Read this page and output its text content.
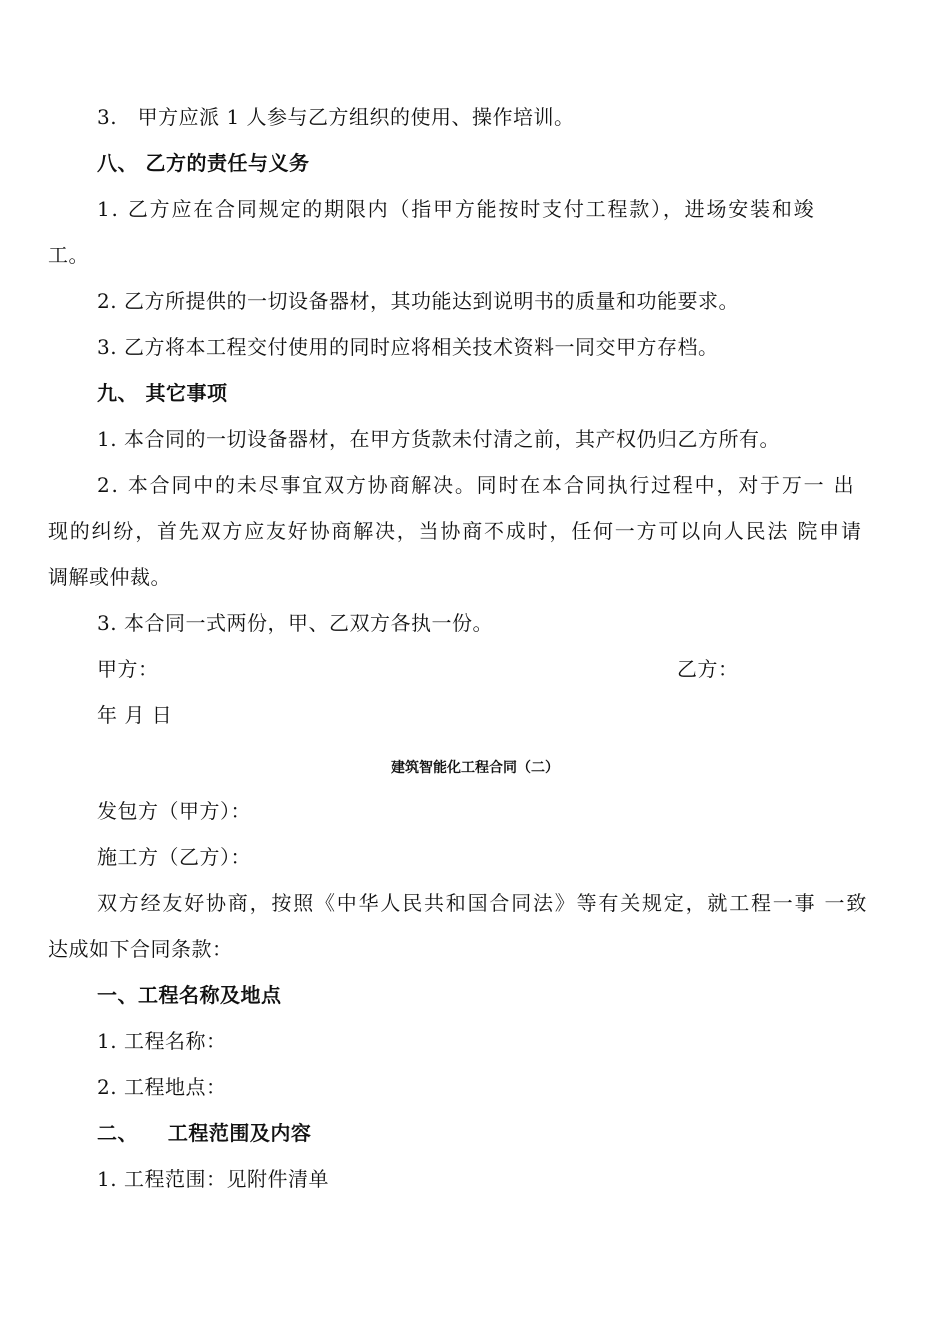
3.　甲方应派 1 人参与乙方组织的使用、操作培训。
八、 乙方的责任与义务
1. 乙方应在合同规定的期限内（指甲方能按时支付工程款），进场安装和竣
工。
2. 乙方所提供的一切设备器材，其功能达到说明书的质量和功能要求。
3. 乙方将本工程交付使用的同时应将相关技术资料一同交甲方存档。
九、 其它事项
1. 本合同的一切设备器材，在甲方货款未付清之前，其产权仍归乙方所有。
2. 本合同中的未尽事宜双方协商解决。同时在本合同执行过程中，对于万一 出
现的纠纷，首先双方应友好协商解决，当协商不成时，任何一方可以向人民法 院申请
调解或仲裁。
3. 本合同一式两份，甲、乙双方各执一份。
甲方：	乙方：
年 月 日
建筑智能化工程合同（二）
发包方（甲方）：
施工方（乙方）：
双方经友好协商，按照《中华人民共和国合同法》等有关规定，就工程一事 一致
达成如下合同条款：
一、工程名称及地点
1. 工程名称：
2. 工程地点：
二、    工程范围及内容
1. 工程范围：见附件清单
